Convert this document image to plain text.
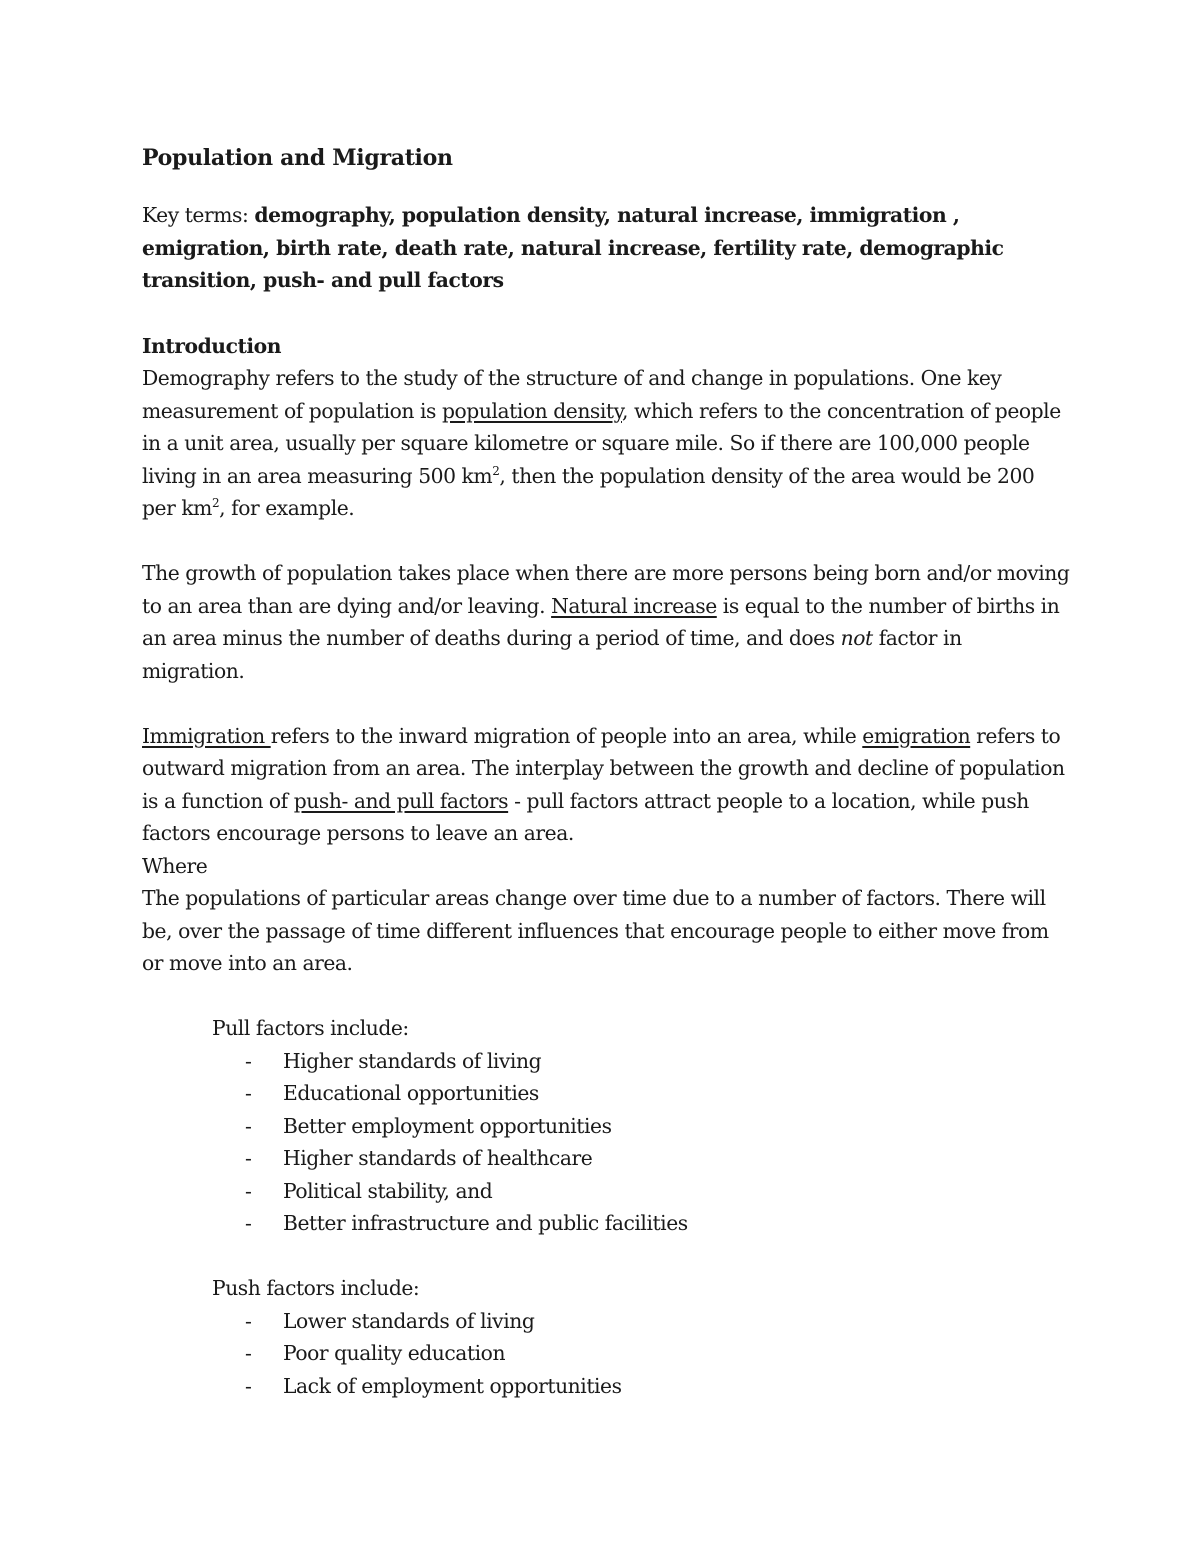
Population and Migration

Key terms: demography, population density, natural increase, immigration , emigration, birth rate, death rate, natural increase, fertility rate, demographic transition, push- and pull factors

Introduction

Demography refers to the study of the structure of and change in populations. One key measurement of population is population density, which refers to the concentration of people in a unit area, usually per square kilometre or square mile. So if there are 100,000 people living in an area measuring 500 $km^2$, then the population density of the area would be 200 per $km^2$, for example.

The growth of population takes place when there are more persons being born and/or moving to an area than are dying and/or leaving. Natural increase is equal to the number of births in an area minus the number of deaths during a period of time, and does not factor in migration.

Immigration refers to the inward migration of people into an area, while emigration refers to outward migration from an area. The interplay between the growth and decline of population is a function of push- and pull factors - pull factors attract people to a location, while push factors encourage persons to leave an area.

Where

The populations of particular areas change over time due to a number of factors. There will be, over the passage of time different influences that encourage people to either move from or move into an area.

Pull factors include:

- Higher standards of living
- Educational opportunities
- Better employment opportunities
- Higher standards of healthcare
- Political stability, and
- Better infrastructure and public facilities

Push factors include:

- Lower standards of living
- Poor quality education
- Lack of employment opportunities
